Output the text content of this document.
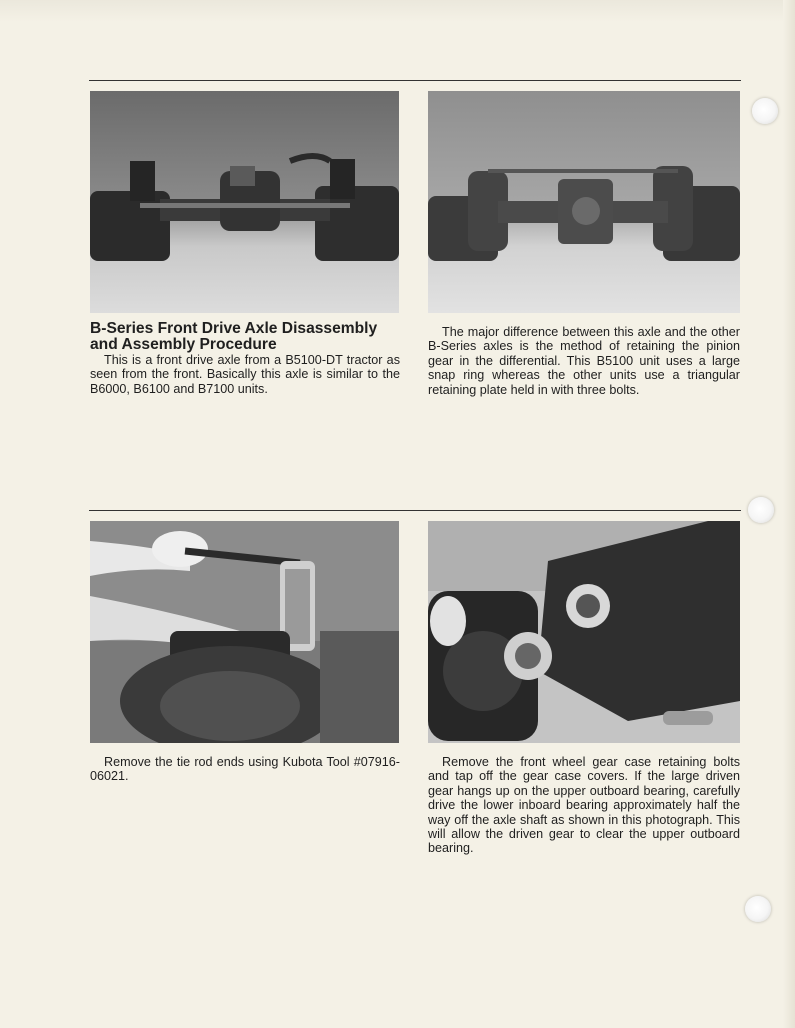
B-Series Front Drive Axle Disassembly
and Assembly Procedure

This is a front drive axle from a B5100-DT tractor as seen from the front. Basically this axle is similar to the B6000, B6100 and B7100 units.

The major difference between this axle and the other B-Series axles is the method of retaining the pinion gear in the differential. This B5100 unit uses a large snap ring whereas the other units use a triangular retaining plate held in with three bolts.

Remove the tie rod ends using Kubota Tool #07916-06021.

Remove the front wheel gear case retaining bolts and tap off the gear case covers. If the large driven gear hangs up on the upper outboard bearing, carefully drive the lower inboard bearing approximately half the way off the axle shaft as shown in this photograph. This will allow the driven gear to clear the upper outboard bearing.
